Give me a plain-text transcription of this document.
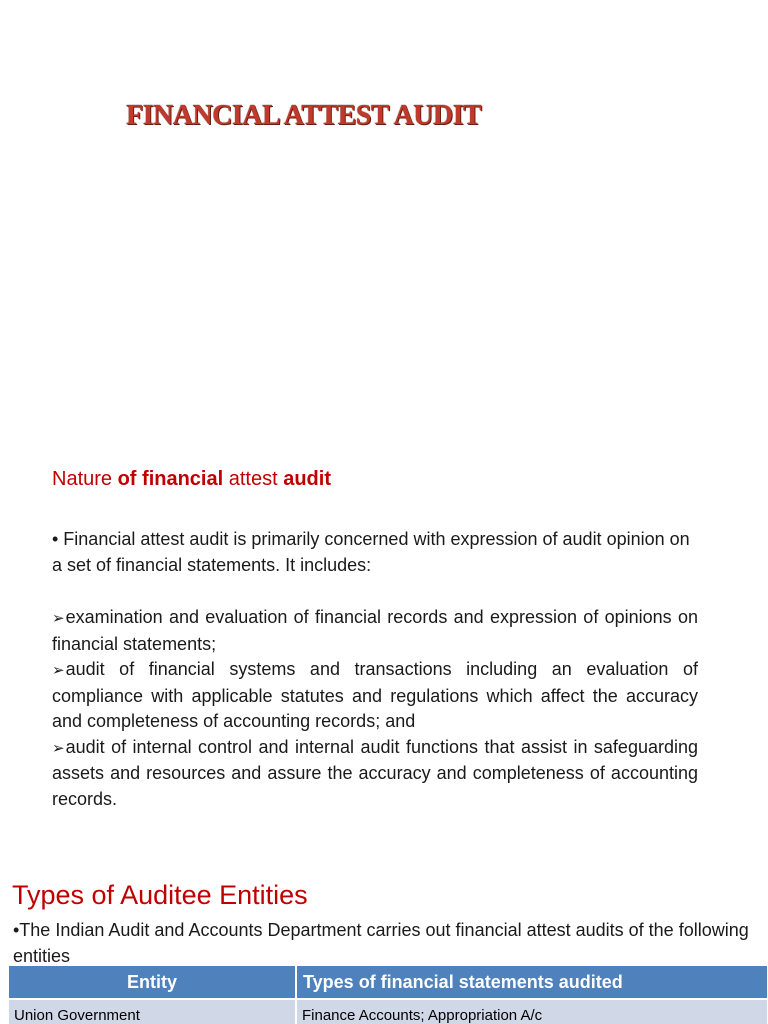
FINANCIAL ATTEST AUDIT
Nature of financial attest audit

• Financial attest audit is primarily concerned with expression of audit opinion on a set of financial statements. It includes:

➢examination and evaluation of financial records and expression of opinions on financial statements;
➢audit of financial systems and transactions including an evaluation of compliance with applicable statutes and regulations which affect the accuracy and completeness of accounting records; and
➢audit of internal control and internal audit functions that assist in safeguarding assets and resources and assure the accuracy and completeness of accounting records.
Types of Auditee Entities

•The Indian Audit and Accounts Department carries out financial attest audits of the following entities

Entity	Types of financial statements audited
Union Government	Finance Accounts; Appropriation A/c
